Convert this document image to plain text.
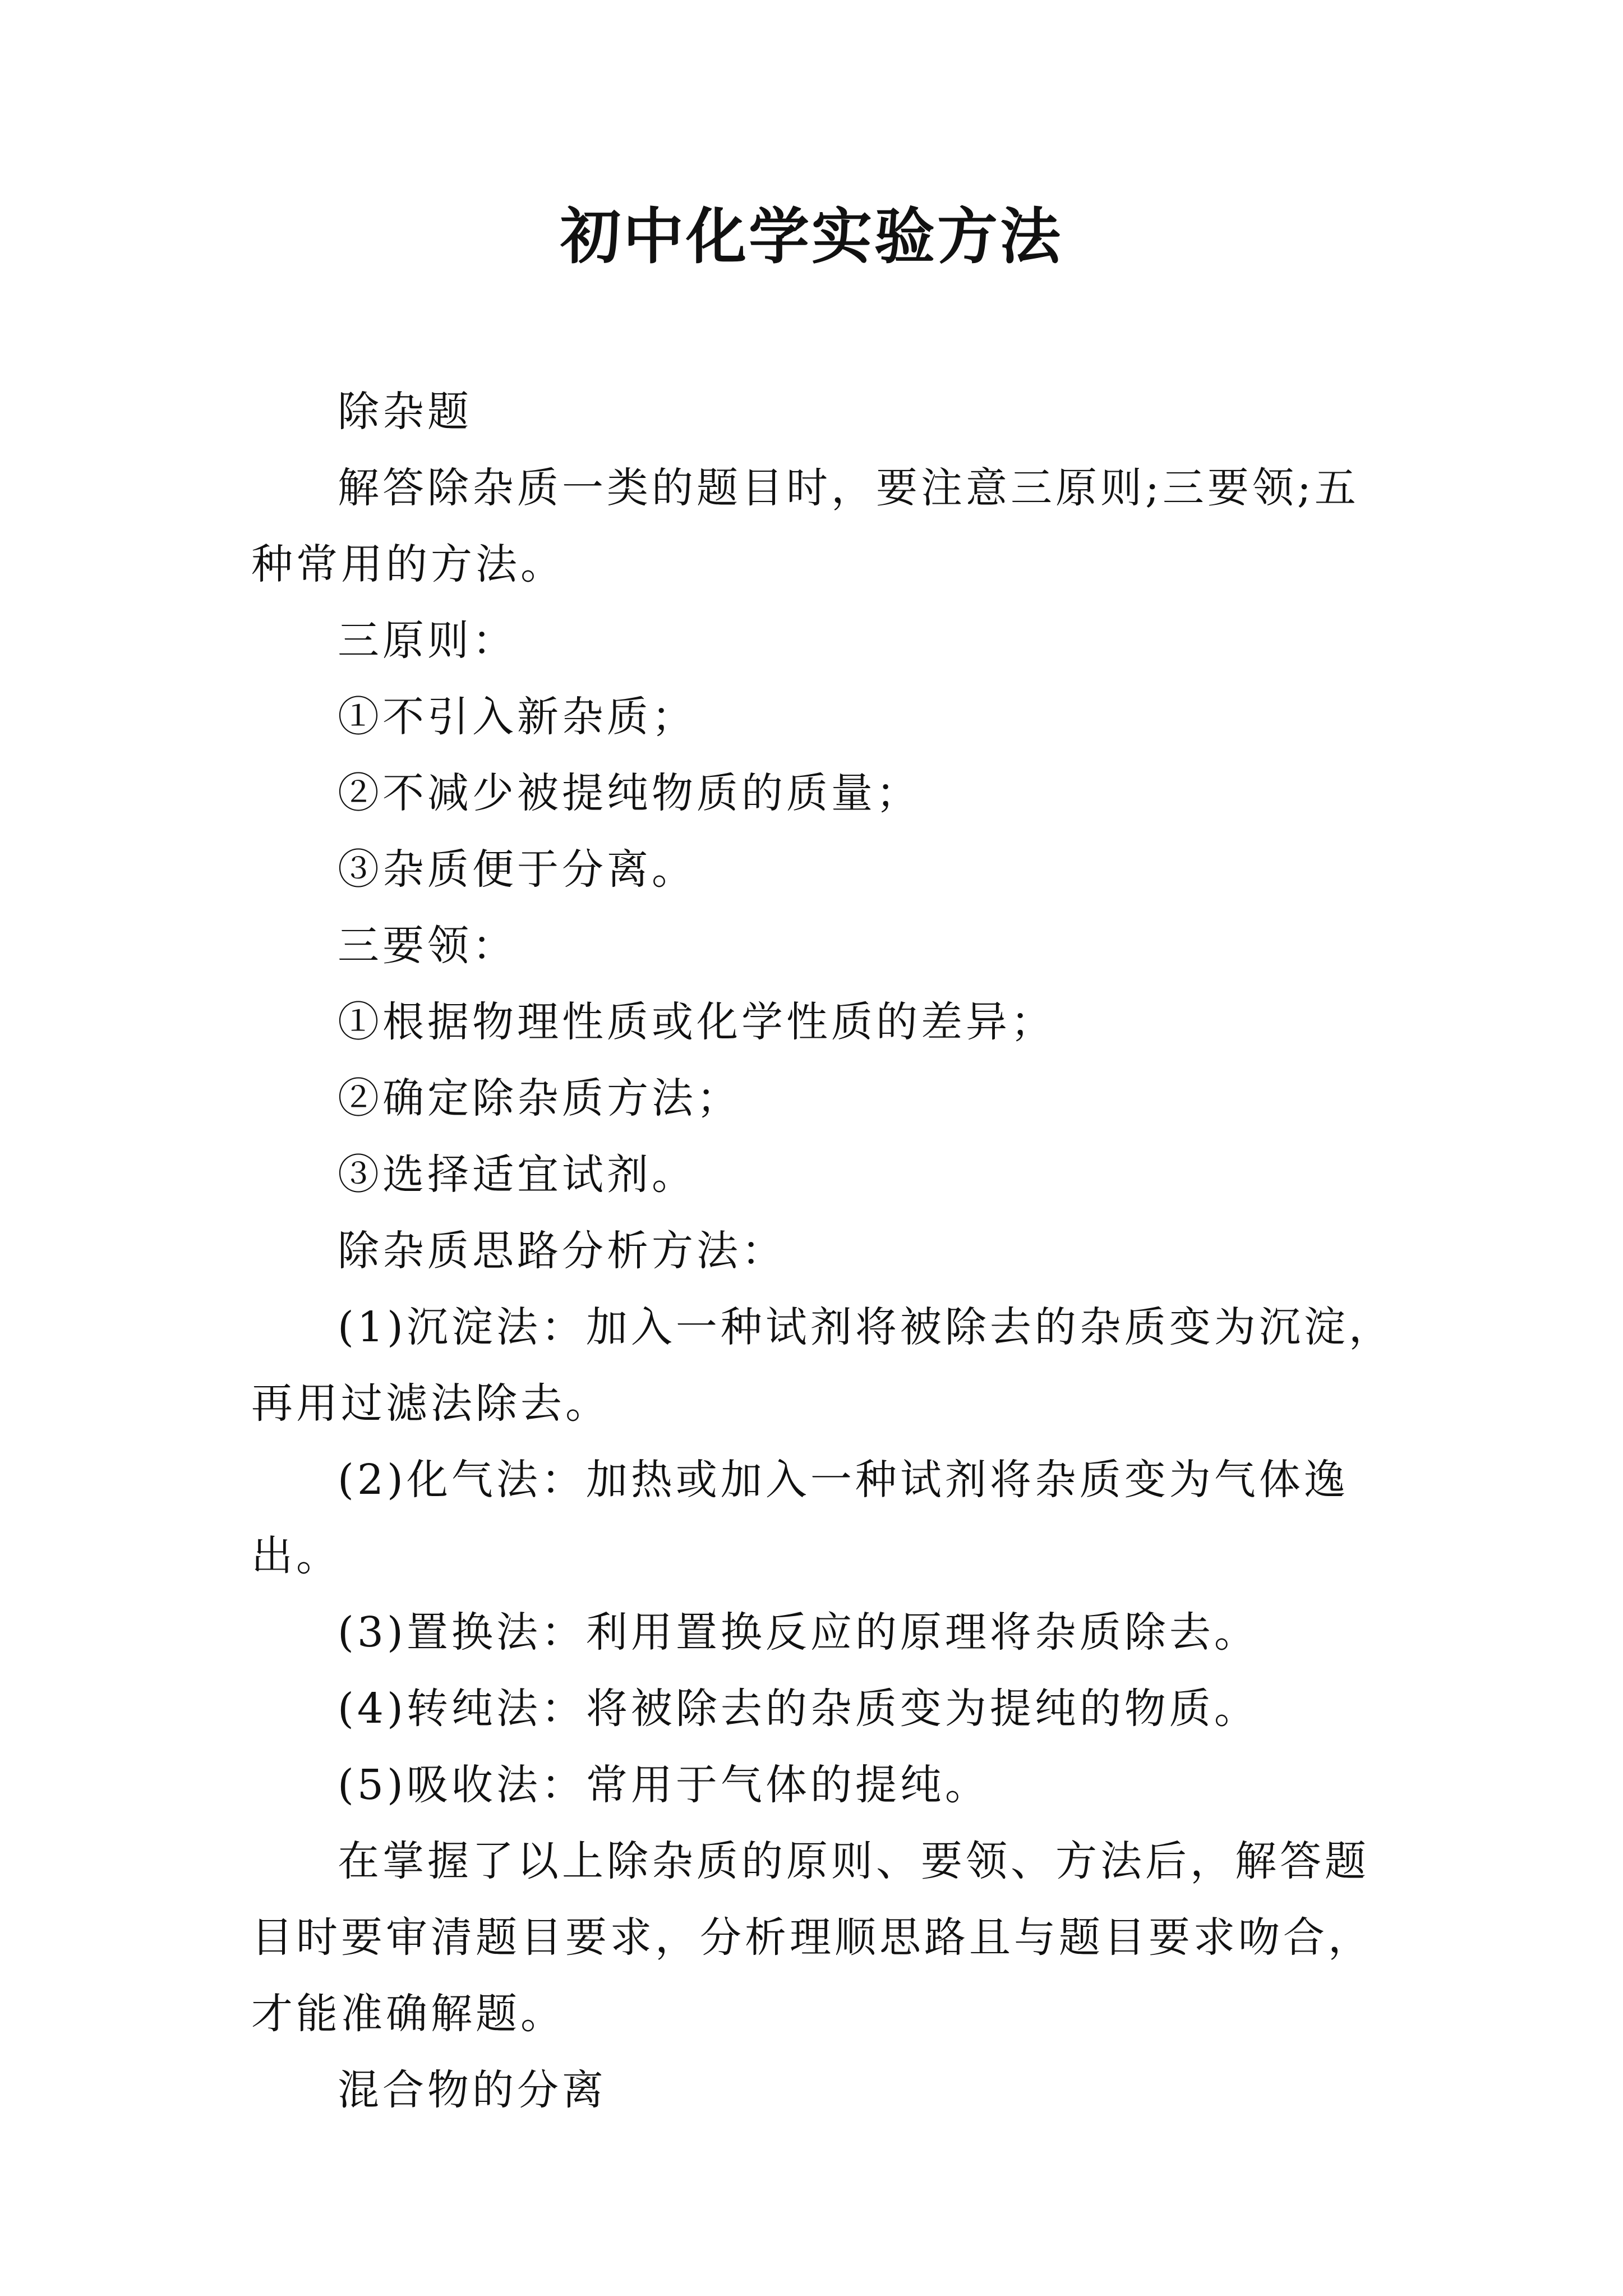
初中化学实验方法

除杂题

解答除杂质一类的题目时，要注意三原则;三要领;五种常用的方法。

三原则：

①不引入新杂质；

②不减少被提纯物质的质量；

③杂质便于分离。

三要领：

①根据物理性质或化学性质的差异；

②确定除杂质方法；

③选择适宜试剂。

除杂质思路分析方法：

(1)沉淀法：加入一种试剂将被除去的杂质变为沉淀，再用过滤法除去。

(2)化气法：加热或加入一种试剂将杂质变为气体逸出。

(3)置换法：利用置换反应的原理将杂质除去。

(4)转纯法：将被除去的杂质变为提纯的物质。

(5)吸收法：常用于气体的提纯。

在掌握了以上除杂质的原则、要领、方法后，解答题目时要审清题目要求，分析理顺思路且与题目要求吻合，才能准确解题。

混合物的分离
